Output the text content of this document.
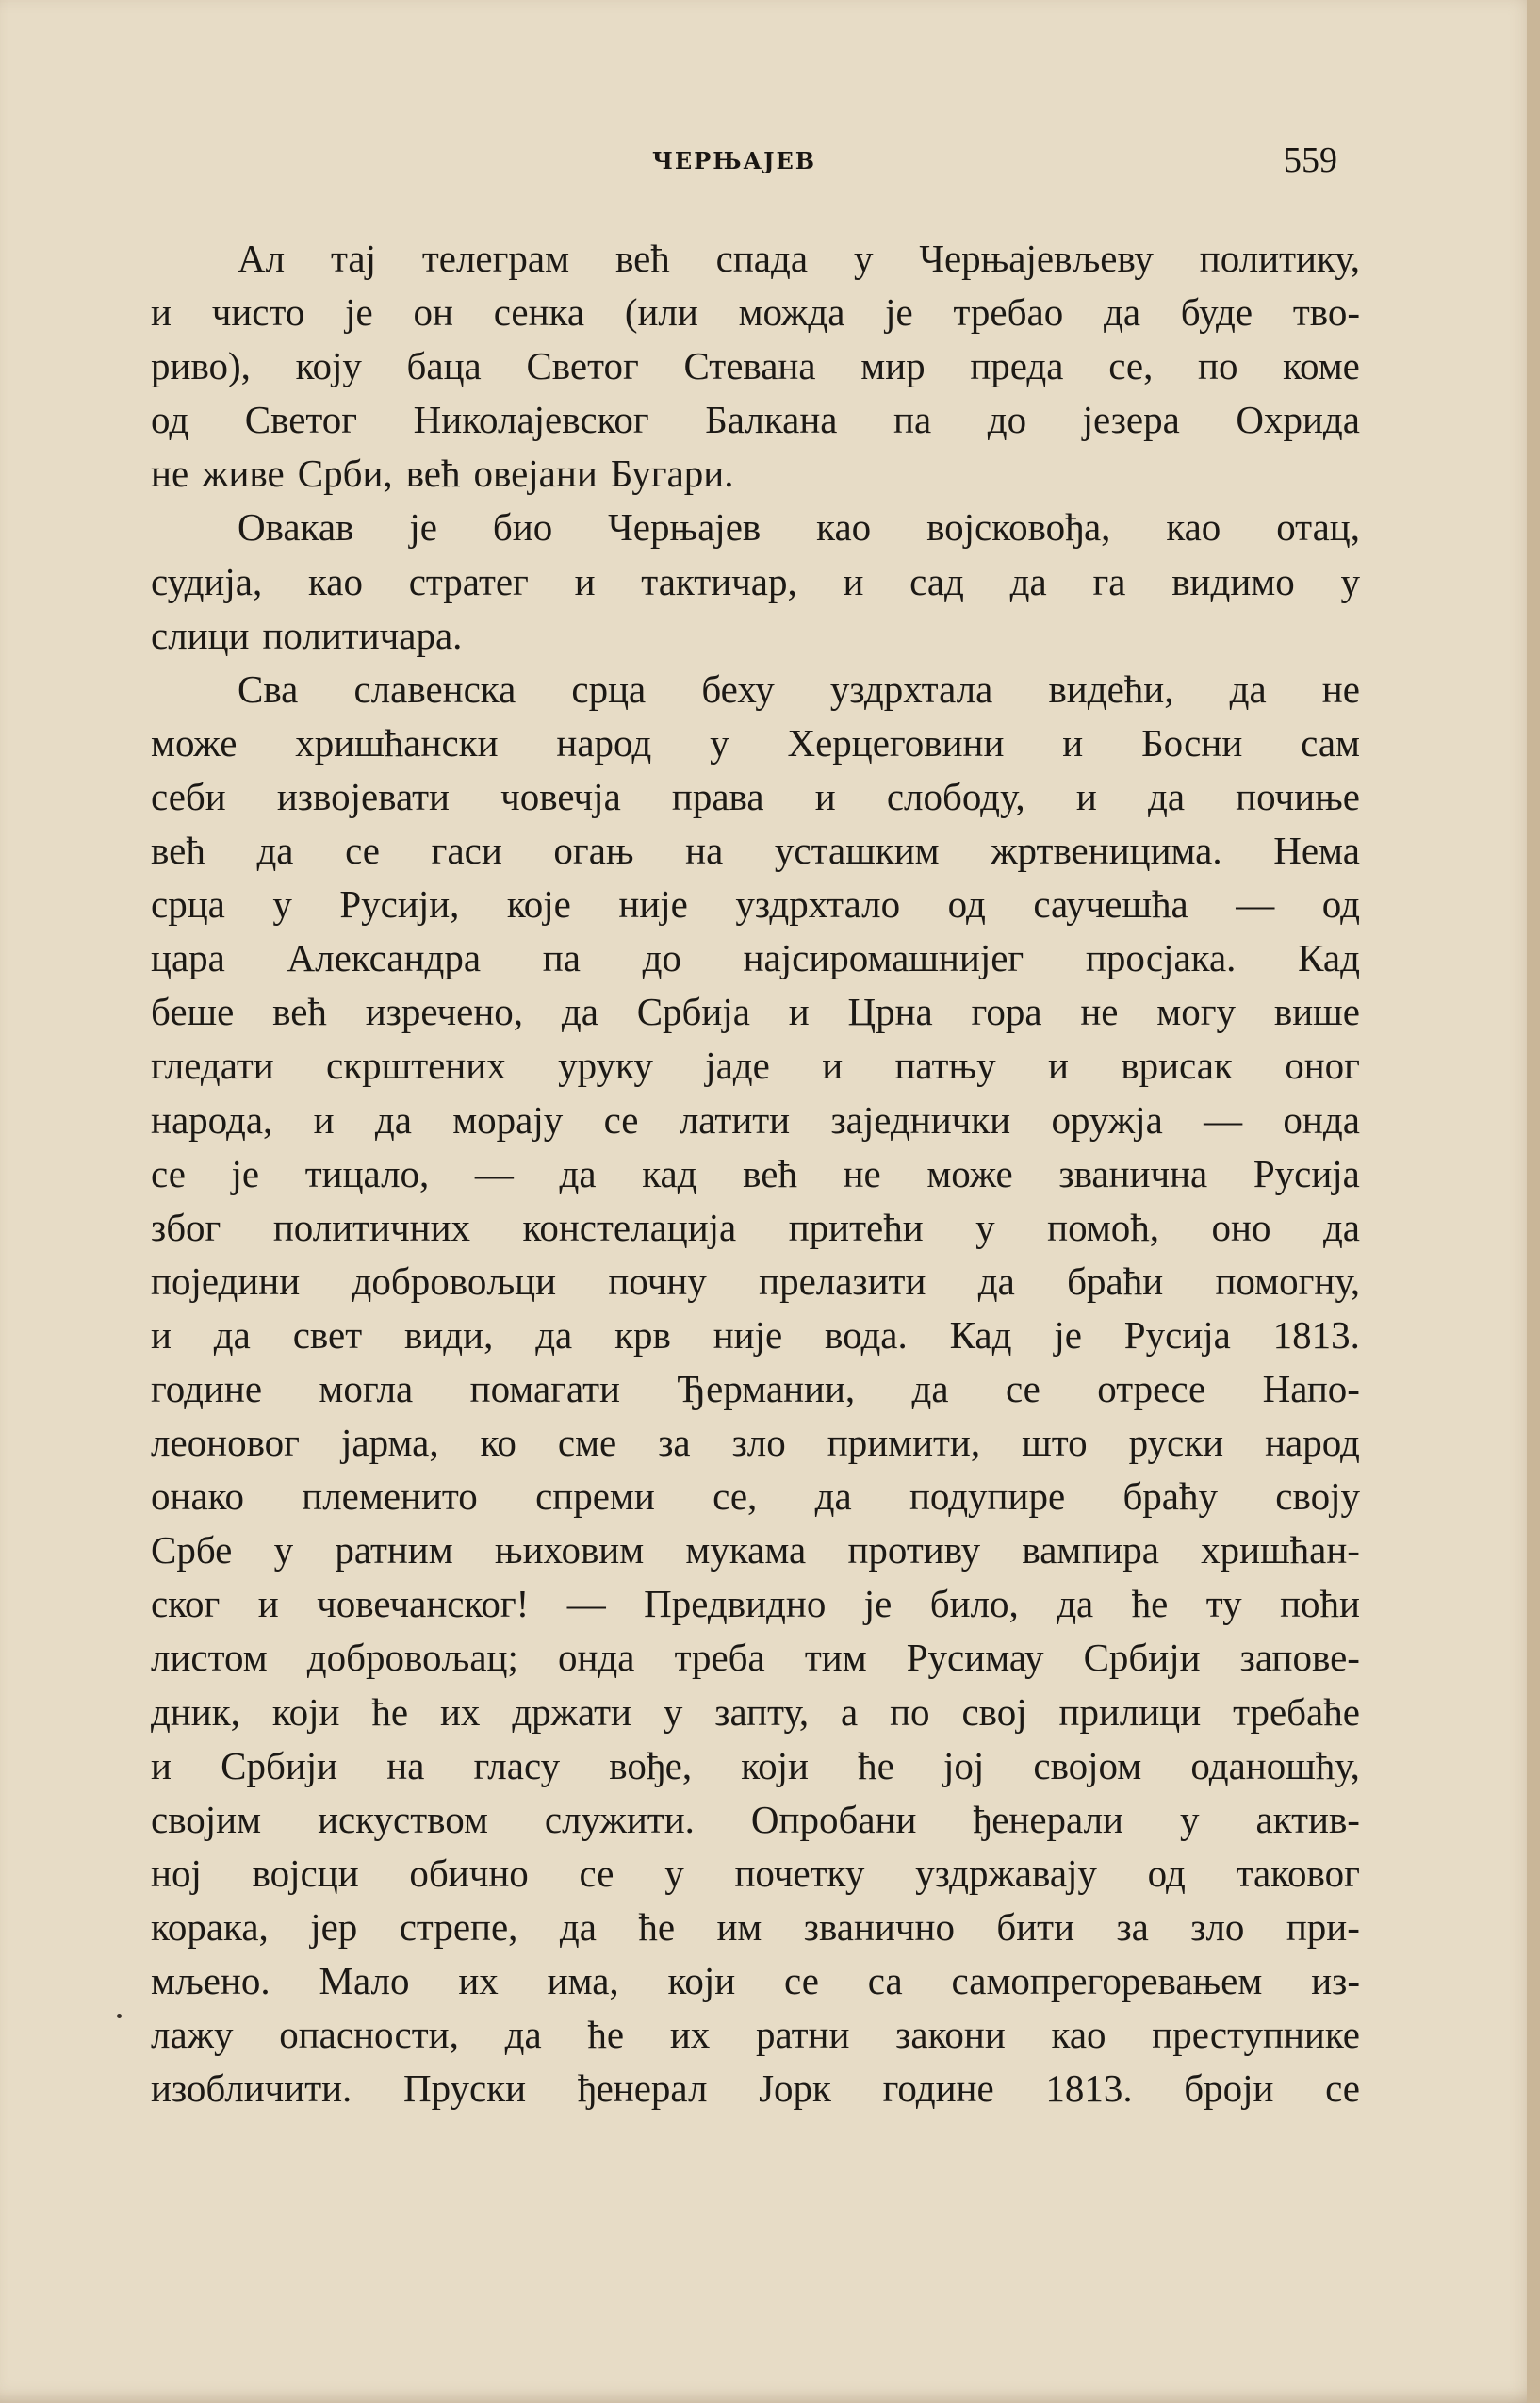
ЧЕРЊАЈЕВ	559
Ал тај телеграм већ спада у Черњајевљеву политику,
и чисто је он сенка (или можда је требао да буде тво-
риво), коју баца Светог Стевана мир преда се, по коме
од Светог Николајевског Балкана па до језера Охрида
не живе Срби, већ овејани Бугари.
Овакав је био Черњајев као војсковођа, као отац,
судија, као стратег и тактичар, и сад да га видимо у
слици политичара.
Сва славенска срца беху уздрхтала видећи, да не
може хришћански народ у Херцеговини и Босни сам
себи извојевати човечја права и слободу, и да почиње
већ да се гаси огањ на усташким жртвеницима. Нема
срца у Русији, које није уздрхтало од саучешћа — од
цара Александра па до најсиромашнијег просјака. Кад
беше већ изречено, да Србија и Црна гора не могу више
гледати скрштених уруку јаде и патњу и врисак оног
народа, и да морају се латити заједнички оружја — онда
се је тицало, — да кад већ не може званична Русија
због политичних констелација притећи у помоћ, оно да
поједини добровољци почну прелазити да браћи помогну,
и да свет види, да крв није вода. Кад је Русија 1813.
године могла помагати Ђермании, да се отресе Напо-
леоновог јарма, ко сме за зло примити, што руски народ
онако племенито спреми се, да подупире браћу своју
Србе у ратним њиховим мукама противу вампира хришћан-
ског и човечанског! — Предвидно је било, да ће ту поћи
листом добровољац; онда треба тим Русимау Србији запове-
дник, који ће их држати у запту, а по свој прилици требаће
и Србији на гласу вође, који ће јој својом оданошћу,
својим искуством служити. Опробани ђенерали у актив-
ној војсци обично се у почетку уздржавају од таковог
корака, јер стрепе, да ће им званично бити за зло при-
мљено. Мало их има, који се са самопрегоревањем из-
лажу опасности, да ће их ратни закони као преступнике
изобличити. Пруски ђенерал Јорк године 1813. броји се
